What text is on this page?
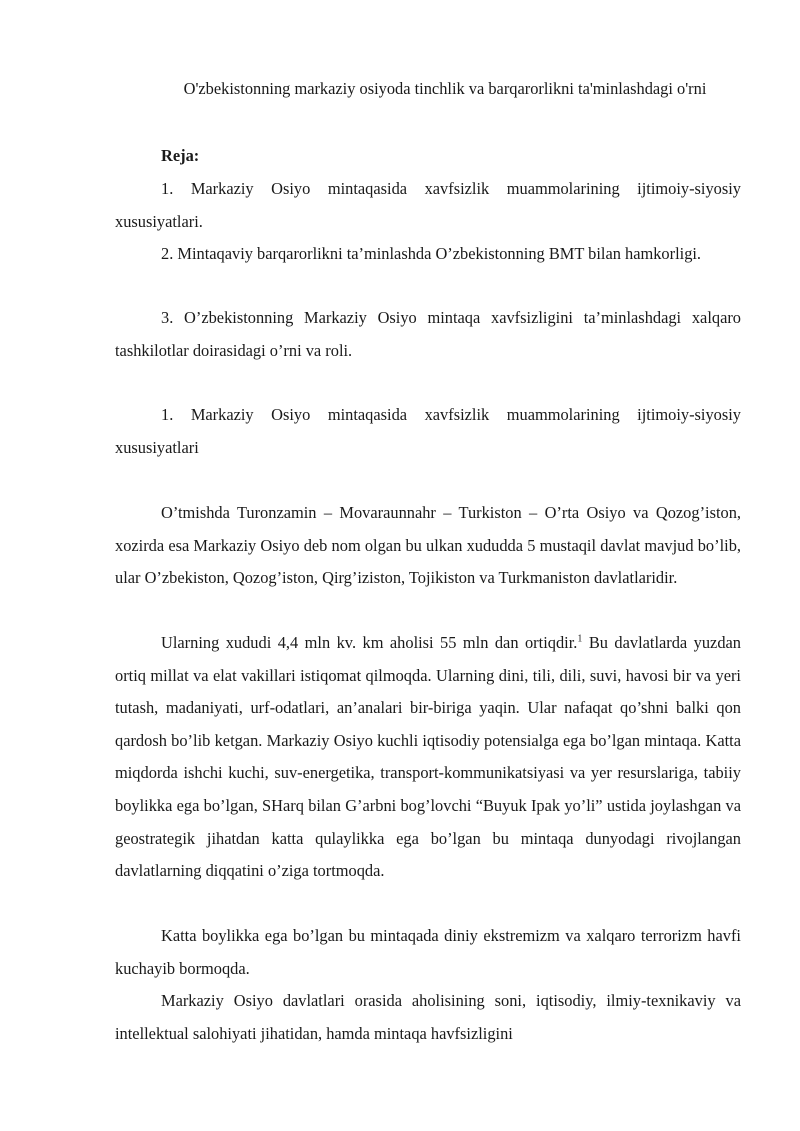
O'zbekistonning markaziy osiyoda tinchlik va barqarorlikni ta'minlashdagi o'rni
Reja:
1. Markaziy Osiyo mintaqasida xavfsizlik muammolarining ijtimoiy-siyosiy xususiyatlari.
2. Mintaqaviy barqarorlikni ta’minlashda O’zbekistonning BMT bilan hamkorligi.
3. O’zbekistonning Markaziy Osiyo mintaqa xavfsizligini ta’minlashdagi xalqaro tashkilotlar doirasidagi o’rni va roli.
1. Markaziy Osiyo mintaqasida xavfsizlik muammolarining ijtimoiy-siyosiy xususiyatlari
O’tmishda Turonzamin – Movaraunnahr – Turkiston – O’rta Osiyo va Qozog’iston, xozirda esa Markaziy Osiyo deb nom olgan bu ulkan xududda 5 mustaqil davlat mavjud bo’lib, ular O’zbekiston, Qozog’iston, Qirg’iziston, Tojikiston va Turkmaniston davlatlaridir.
Ularning xududi 4,4 mln kv. km aholisi 55 mln dan ortiqdir.$^1$ Bu davlatlarda yuzdan ortiq millat va elat vakillari istiqomat qilmoqda. Ularning dini, tili, dili, suvi, havosi bir va yeri tutash, madaniyati, urf-odatlari, an’analari bir-biriga yaqin. Ular nafaqat qo’shni balki qon qardosh bo’lib ketgan. Markaziy Osiyo kuchli iqtisodiy potensialga ega bo’lgan mintaqa. Katta miqdorda ishchi kuchi, suv-energetika, transport-kommunikatsiyasi va yer resurslariga, tabiiy boylikka ega bo’lgan, SHarq bilan G’arbni bog’lovchi “Buyuk Ipak yo’li” ustida joylashgan va geostrategik jihatdan katta qulaylikka ega bo’lgan bu mintaqa dunyodagi rivojlangan davlatlarning diqqatini o’ziga tortmoqda.
Katta boylikka ega bo’lgan bu mintaqada diniy ekstremizm va xalqaro terrorizm havfi kuchayib bormoqda.
Markaziy Osiyo davlatlari orasida aholisining soni, iqtisodiy, ilmiy-texnikaviy va intellektual salohiyati jihatidan, hamda mintaqa havfsizligini
